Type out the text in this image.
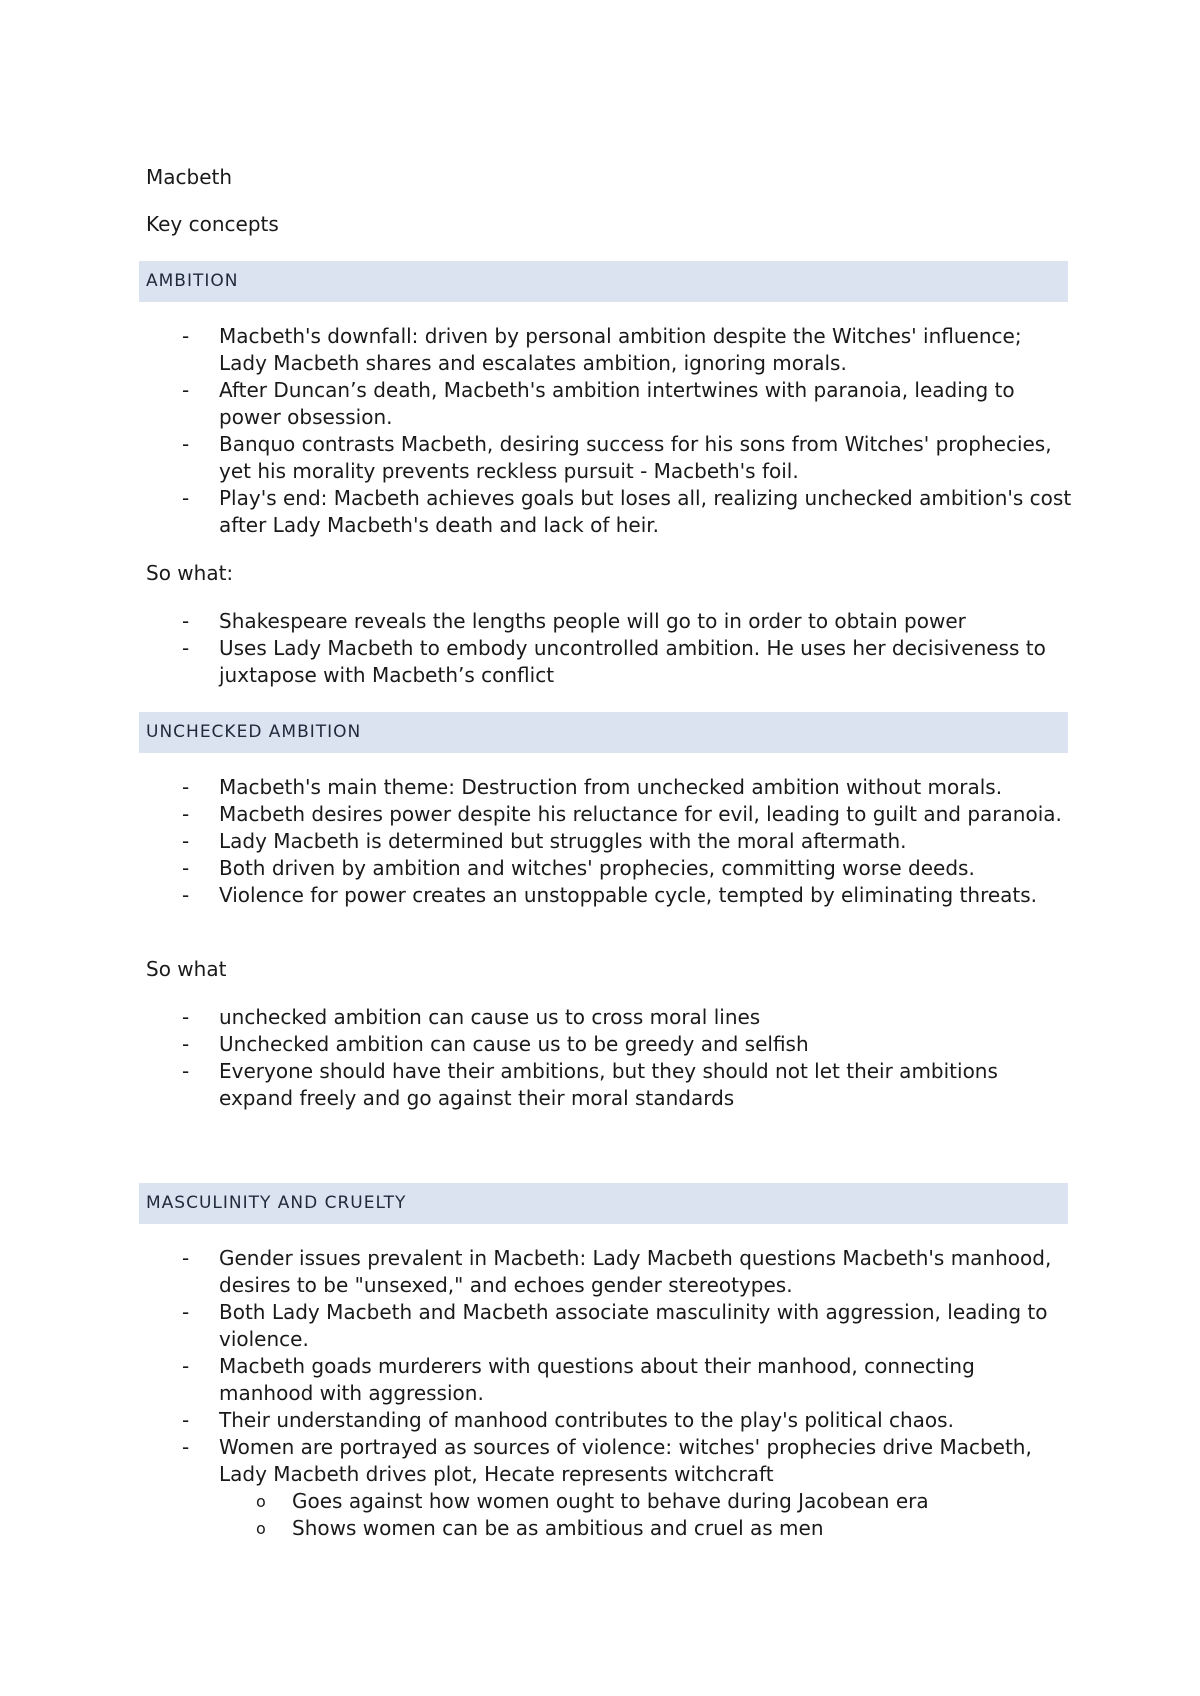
Macbeth

Key concepts

AMBITION
- Macbeth's downfall: driven by personal ambition despite the Witches' influence; Lady Macbeth shares and escalates ambition, ignoring morals.
- After Duncan’s death, Macbeth's ambition intertwines with paranoia, leading to power obsession.
- Banquo contrasts Macbeth, desiring success for his sons from Witches' prophecies, yet his morality prevents reckless pursuit - Macbeth's foil.
- Play's end: Macbeth achieves goals but loses all, realizing unchecked ambition's cost after Lady Macbeth's death and lack of heir.

So what:

- Shakespeare reveals the lengths people will go to in order to obtain power
- Uses Lady Macbeth to embody uncontrolled ambition. He uses her decisiveness to juxtapose with Macbeth’s conflict
UNCHECKED AMBITION
- Macbeth's main theme: Destruction from unchecked ambition without morals.
- Macbeth desires power despite his reluctance for evil, leading to guilt and paranoia.
- Lady Macbeth is determined but struggles with the moral aftermath.
- Both driven by ambition and witches' prophecies, committing worse deeds.
- Violence for power creates an unstoppable cycle, tempted by eliminating threats.

So what

- unchecked ambition can cause us to cross moral lines
- Unchecked ambition can cause us to be greedy and selfish
- Everyone should have their ambitions, but they should not let their ambitions expand freely and go against their moral standards
MASCULINITY AND CRUELTY
- Gender issues prevalent in Macbeth: Lady Macbeth questions Macbeth's manhood, desires to be "unsexed," and echoes gender stereotypes.
- Both Lady Macbeth and Macbeth associate masculinity with aggression, leading to violence.
- Macbeth goads murderers with questions about their manhood, connecting manhood with aggression.
- Their understanding of manhood contributes to the play's political chaos.
- Women are portrayed as sources of violence: witches' prophecies drive Macbeth, Lady Macbeth drives plot, Hecate represents witchcraft
o Goes against how women ought to behave during Jacobean era
o Shows women can be as ambitious and cruel as men
